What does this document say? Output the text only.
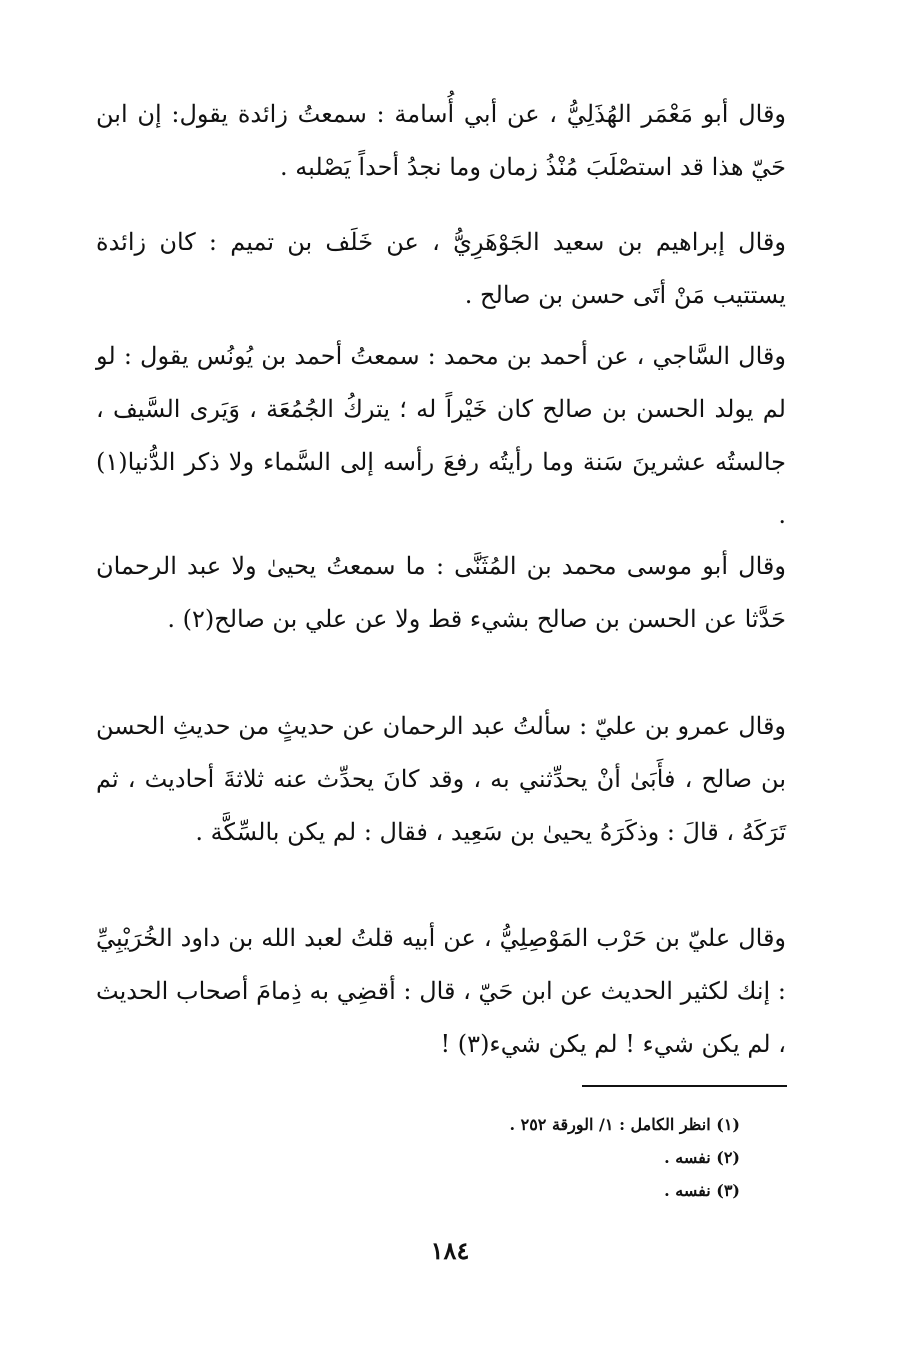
وقال أبو مَعْمَر الهُذَلِيُّ ، عن أبي أُسامة : سمعتُ زائدة يقول: إن ابن حَيّ هذا قد استصْلَبَ مُنْذُ زمان وما نجدُ أحداً يَصْلبه .

وقال إبراهيم بن سعيد الجَوْهَرِيُّ ، عن خَلَف بن تميم : كان زائدة يستتيب مَنْ أتَى حسن بن صالح .

وقال السَّاجي ، عن أحمد بن محمد : سمعتُ أحمد بن يُونُس يقول : لو لم يولد الحسن بن صالح كان خَيْراً له ؛ يتركُ الجُمُعَة ، وَيَرى السَّيف ، جالستُه عشرينَ سَنة وما رأيتُه رفعَ رأسه إلى السَّماء ولا ذكر الدُّنيا(١) .

وقال أبو موسى محمد بن المُثَنَّى : ما سمعتُ يحيىٰ ولا عبد الرحمان حَدَّثا عن الحسن بن صالح بشيء قط ولا عن علي بن صالح(٢) .

وقال عمرو بن عليّ : سألتُ عبد الرحمان عن حديثٍ من حديثِ الحسن بن صالح ، فأَبَىٰ أنْ يحدِّثني به ، وقد كانَ يحدِّث عنه ثلاثةَ أحاديث ، ثم تَرَكَهُ ، قالَ : وذكَرَهُ يحيىٰ بن سَعِيد ، فقال : لم يكن بالسِّكَّة .

وقال عليّ بن حَرْب المَوْصِلِيُّ ، عن أبيه قلتُ لعبد الله بن داود الخُرَيْبِيِّ : إنك لكثير الحديث عن ابن حَيّ ، قال : أقضِي به ذِمامَ أصحاب الحديث ، لم يكن شيء ! لم يكن شيء(٣) !

(١) انظر الكامل : ١/ الورقة ٢٥٢ .

(٢) نفسه .

(٣) نفسه .

١٨٤
